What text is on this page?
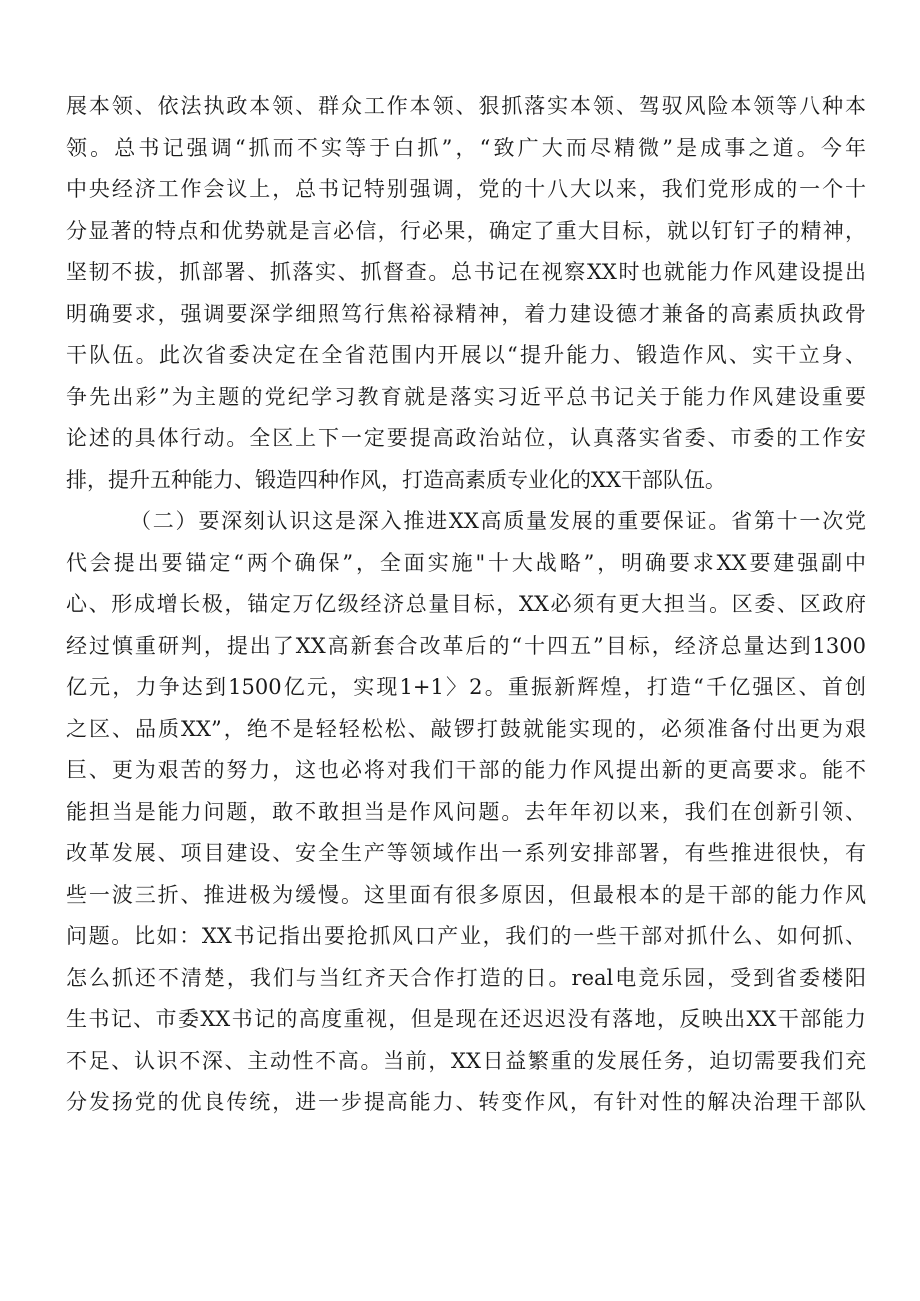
展本领、依法执政本领、群众工作本领、狠抓落实本领、驾驭风险本领等八种本
领。总书记强调“抓而不实等于白抓”，“致广大而尽精微”是成事之道。今年
中央经济工作会议上，总书记特别强调，党的十八大以来，我们党形成的一个十
分显著的特点和优势就是言必信，行必果，确定了重大目标，就以钉钉子的精神，
坚韧不拔，抓部署、抓落实、抓督查。总书记在视察XX时也就能力作风建设提出
明确要求，强调要深学细照笃行焦裕禄精神，着力建设德才兼备的高素质执政骨
干队伍。此次省委决定在全省范围内开展以“提升能力、锻造作风、实干立身、
争先出彩”为主题的党纪学习教育就是落实习近平总书记关于能力作风建设重要
论述的具体行动。全区上下一定要提高政治站位，认真落实省委、市委的工作安
排，提升五种能力、锻造四种作风，打造高素质专业化的XX干部队伍。
（二）要深刻认识这是深入推进XX高质量发展的重要保证。省第十一次党
代会提出要锚定“两个确保”，全面实施"十大战略”，明确要求XX要建强副中
心、形成增长极，锚定万亿级经济总量目标，XX必须有更大担当。区委、区政府
经过慎重研判，提出了XX高新套合改革后的“十四五”目标，经济总量达到1300
亿元，力争达到1500亿元，实现1+1〉2。重振新辉煌，打造“千亿强区、首创
之区、品质XX”，绝不是轻轻松松、敲锣打鼓就能实现的，必须准备付出更为艰
巨、更为艰苦的努力，这也必将对我们干部的能力作风提出新的更高要求。能不
能担当是能力问题，敢不敢担当是作风问题。去年年初以来，我们在创新引领、
改革发展、项目建设、安全生产等领域作出一系列安排部署，有些推进很快，有
些一波三折、推进极为缓慢。这里面有很多原因，但最根本的是干部的能力作风
问题。比如：XX书记指出要抢抓风口产业，我们的一些干部对抓什么、如何抓、
怎么抓还不清楚，我们与当红齐天合作打造的日。real电竞乐园，受到省委楼阳
生书记、市委XX书记的高度重视，但是现在还迟迟没有落地，反映出XX干部能力
不足、认识不深、主动性不高。当前，XX日益繁重的发展任务，迫切需要我们充
分发扬党的优良传统，进一步提高能力、转变作风，有针对性的解决治理干部队
